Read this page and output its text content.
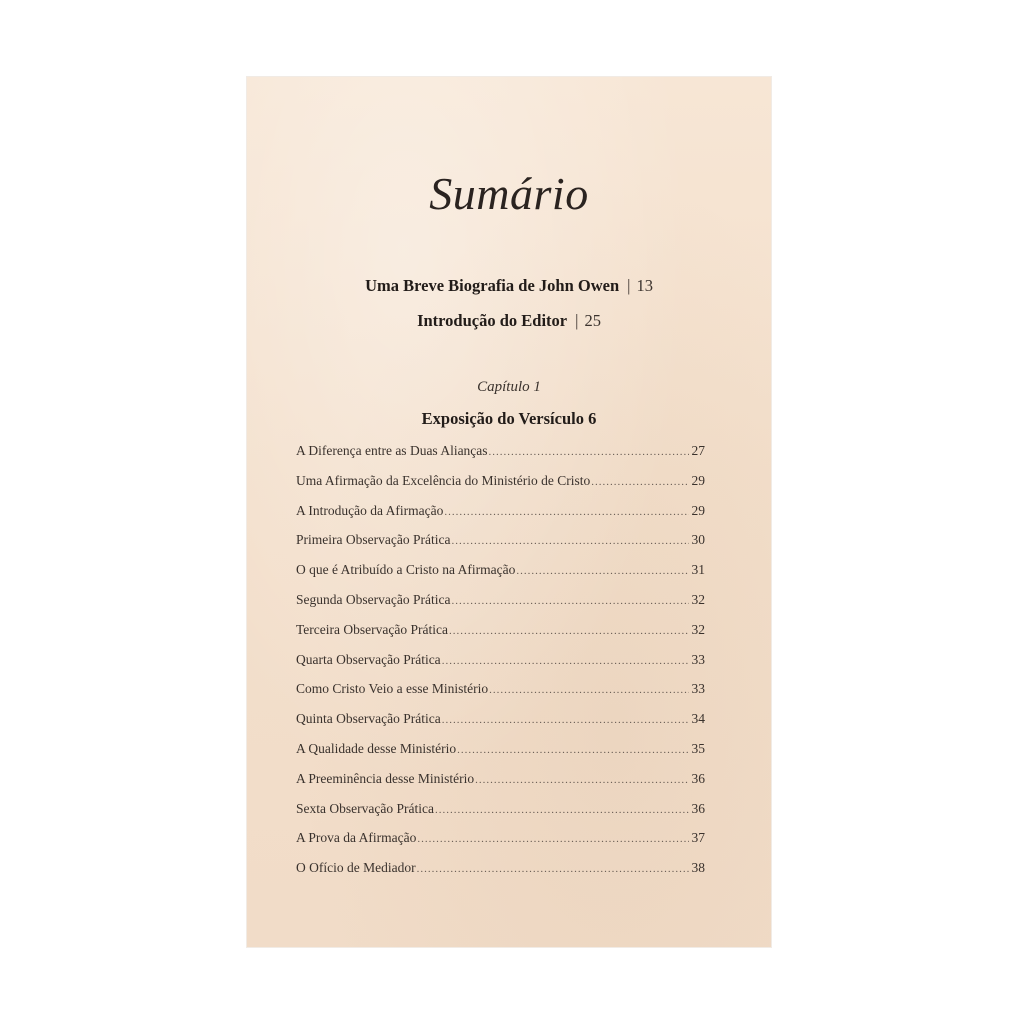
Sumário
Uma Breve Biografia de John Owen | 13
Introdução do Editor | 25
Capítulo 1
Exposição do Versículo 6
A Diferença entre as Duas Alianças .....	27
Uma Afirmação da Excelência do Ministério de Cristo .....	29
A Introdução da Afirmação .....	29
Primeira Observação Prática .....	30
O que é Atribuído a Cristo na Afirmação .....	31
Segunda Observação Prática .....	32
Terceira Observação Prática .....	32
Quarta Observação Prática .....	33
Como Cristo Veio a esse Ministério .....	33
Quinta Observação Prática .....	34
A Qualidade desse Ministério .....	35
A Preeminência desse Ministério .....	36
Sexta Observação Prática .....	36
A Prova da Afirmação .....	37
O Ofício de Mediador .....	38
